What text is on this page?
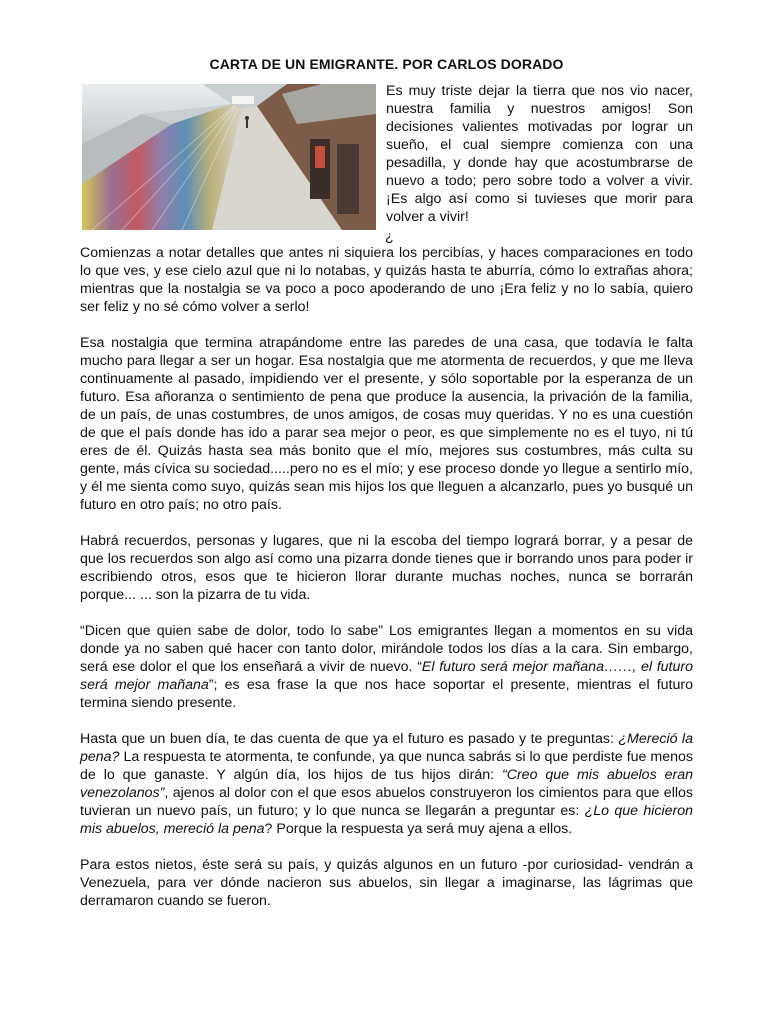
CARTA DE UN EMIGRANTE. POR CARLOS DORADO

Es muy triste dejar la tierra que nos vio nacer, nuestra familia y nuestros amigos! Son decisiones valientes motivadas por lograr un sueño, el cual siempre comienza con una pesadilla, y donde hay que acostumbrarse de nuevo a todo; pero sobre todo a volver a vivir. ¡Es algo así como si tuvieses que morir para volver a vivir!

¿

Comienzas a notar detalles que antes ni siquiera los percibías, y haces comparaciones en todo lo que ves, y ese cielo azul que ni lo notabas, y quizás hasta te aburría, cómo lo extrañas ahora; mientras que la nostalgia se va poco a poco apoderando de uno ¡Era feliz y no lo sabía, quiero ser feliz y no sé cómo volver a serlo!

Esa nostalgia que termina atrapándome entre las paredes de una casa, que todavía le falta mucho para llegar a ser un hogar. Esa nostalgia que me atormenta de recuerdos, y que me lleva continuamente al pasado, impidiendo ver el presente, y sólo soportable por la esperanza de un futuro. Esa añoranza o sentimiento de pena que produce la ausencia, la privación de la familia, de un país, de unas costumbres, de unos amigos, de cosas muy queridas. Y no es una cuestión de que el país donde has ido a parar sea mejor o peor, es que simplemente no es el tuyo, ni tú eres de él. Quizás hasta sea más bonito que el mío, mejores sus costumbres, más culta su gente, más cívica su sociedad.....pero no es el mío; y ese proceso donde yo llegue a sentirlo mío, y él me sienta como suyo, quizás sean mis hijos los que lleguen a alcanzarlo, pues yo busqué un futuro en otro país; no otro país.

Habrá recuerdos, personas y lugares, que ni la escoba del tiempo logrará borrar, y a pesar de que los recuerdos son algo así como una pizarra donde tienes que ir borrando unos para poder ir escribiendo otros, esos que te hicieron llorar durante muchas noches, nunca se borrarán porque... ... son la pizarra de tu vida.

“Dicen que quien sabe de dolor, todo lo sabe” Los emigrantes llegan a momentos en su vida donde ya no saben qué hacer con tanto dolor, mirándole todos los días a la cara. Sin embargo, será ese dolor el que los enseñará a vivir de nuevo. “El futuro será mejor mañana……, el futuro será mejor mañana”; es esa frase la que nos hace soportar el presente, mientras el futuro termina siendo presente.

Hasta que un buen día, te das cuenta de que ya el futuro es pasado y te preguntas: ¿Mereció la pena? La respuesta te atormenta, te confunde, ya que nunca sabrás si lo que perdiste fue menos de lo que ganaste. Y algún día, los hijos de tus hijos dirán: “Creo que mis abuelos eran venezolanos”, ajenos al dolor con el que esos abuelos construyeron los cimientos para que ellos tuvieran un nuevo país, un futuro; y lo que nunca se llegarán a preguntar es: ¿Lo que hicieron mis abuelos, mereció la pena? Porque la respuesta ya será muy ajena a ellos.

Para estos nietos, éste será su país, y quizás algunos en un futuro -por curiosidad- vendrán a Venezuela, para ver dónde nacieron sus abuelos, sin llegar a imaginarse, las lágrimas que derramaron cuando se fueron.
